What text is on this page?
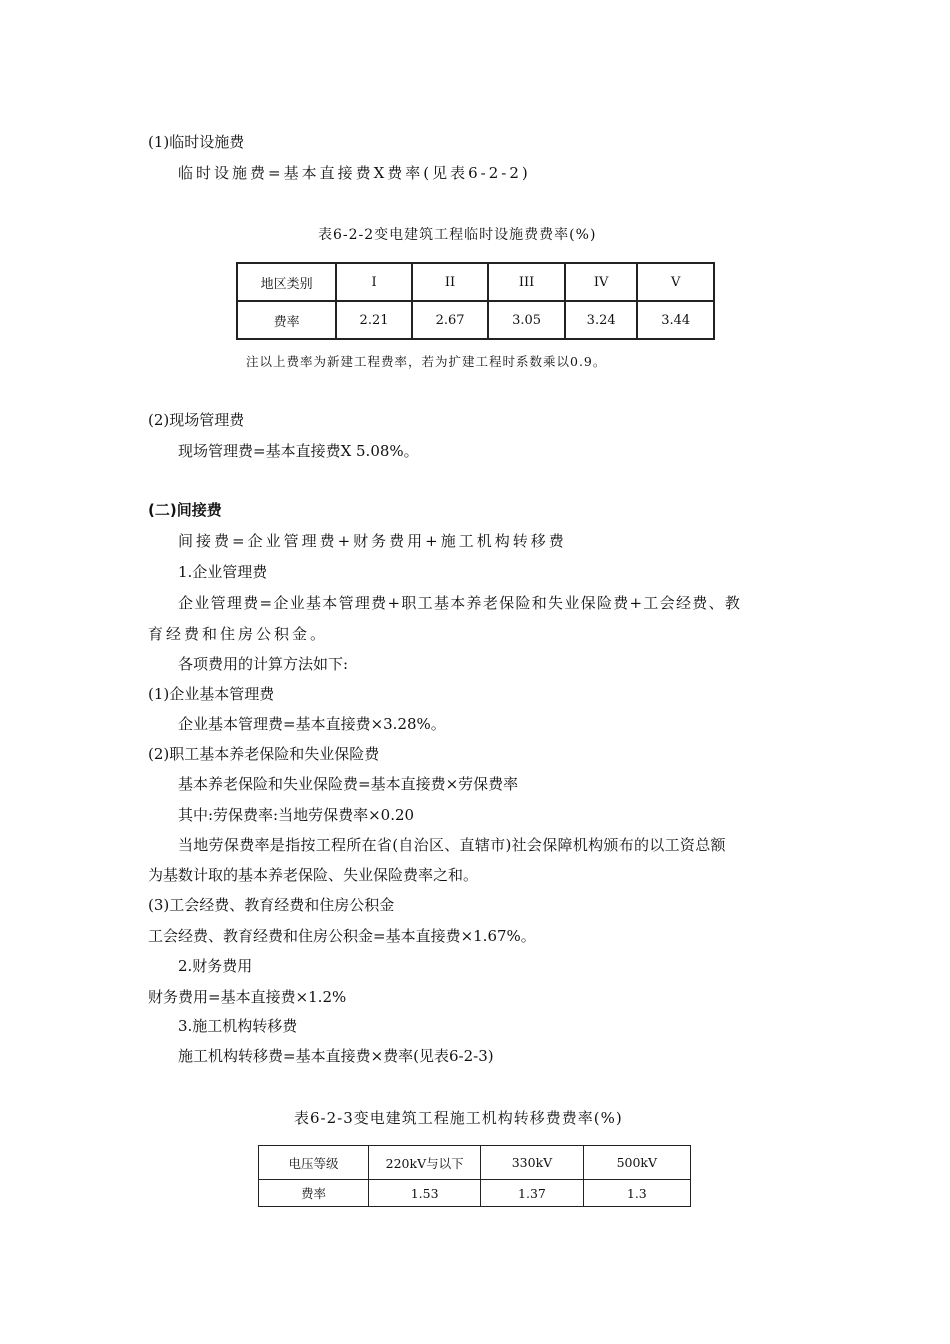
(1)临时设施费
临时设施费=基本直接费X费率(见表6-2-2)
表6-2-2变电建筑工程临时设施费费率(%)
地区类别	I	II	III	IV	V
费率	2.21	2.67	3.05	3.24	3.44
注以上费率为新建工程费率，若为扩建工程时系数乘以0.9。
(2)现场管理费
现场管理费=基本直接费X 5.08%。
(二)间接费
间接费=企业管理费+财务费用+施工机构转移费
1.企业管理费
企业管理费=企业基本管理费+职工基本养老保险和失业保险费+工会经费、教
育经费和住房公积金。
各项费用的计算方法如下:
(1)企业基本管理费
企业基本管理费=基本直接费×3.28%。
(2)职工基本养老保险和失业保险费
基本养老保险和失业保险费=基本直接费×劳保费率
其中:劳保费率:当地劳保费率×0.20
当地劳保费率是指按工程所在省(自治区、直辖市)社会保障机构颁布的以工资总额
为基数计取的基本养老保险、失业保险费率之和。
(3)工会经费、教育经费和住房公积金
工会经费、教育经费和住房公积金=基本直接费×1.67%。
2.财务费用
财务费用=基本直接费×1.2%
3.施工机构转移费
施工机构转移费=基本直接费×费率(见表6-2-3)
表6-2-3变电建筑工程施工机构转移费费率(%)
电压等级	220kV与以下	330kV	500kV
费率	1.53	1.37	1.3
